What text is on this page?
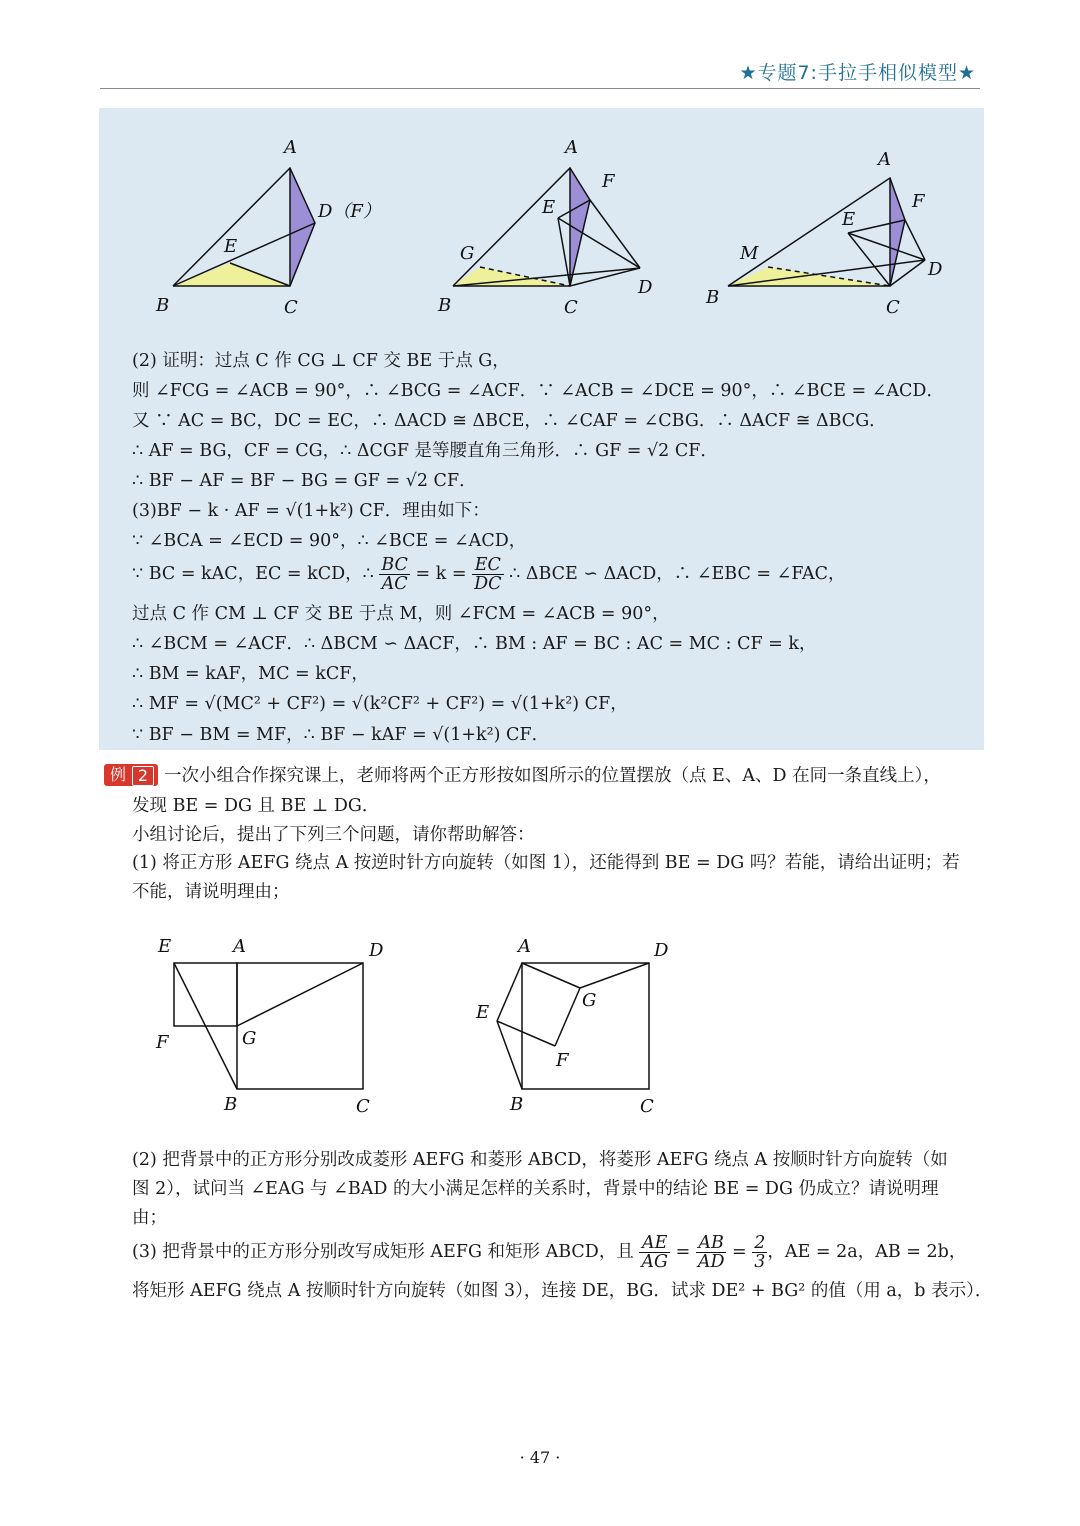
★专题7:手拉手相似模型★
A
D（F）
E
B	C
A
F
E
G
B	C
D
A
F
E
M
D
B	C
(2) 证明：过点 C 作 CG ⊥ CF 交 BE 于点 G，
则 ∠FCG = ∠ACB = 90°，∴ ∠BCG = ∠ACF．∵ ∠ACB = ∠DCE = 90°，∴ ∠BCE = ∠ACD．
又 ∵ AC = BC，DC = EC，∴ ΔACD ≅ ΔBCE，∴ ∠CAF = ∠CBG．∴ ΔACF ≅ ΔBCG．
∴ AF = BG，CF = CG，∴ ΔCGF 是等腰直角三角形．∴ GF = √2 CF．
∴ BF − AF = BF − BG = GF = √2 CF．
(3)BF − k · AF = √(1+k²) CF．理由如下：
∵ ∠BCA = ∠ECD = 90°，∴ ∠BCE = ∠ACD，
∵ BC = kAC，EC = kCD，∴ $\frac{BC}{AC} = k = \frac{EC}{DC}$ ∴ ΔBCE ∽ ΔACD，∴ ∠EBC = ∠FAC，
过点 C 作 CM ⊥ CF 交 BE 于点 M，则 ∠FCM = ∠ACB = 90°，
∴ ∠BCM = ∠ACF．∴ ΔBCM ∽ ΔACF，∴ BM : AF = BC : AC = MC : CF = k，
∴ BM = kAF，MC = kCF，
∴ MF = √(MC² + CF²) = √(k²CF² + CF²) = √(1+k²) CF，
∵ BF − BM = MF，∴ BF − kAF = √(1+k²) CF．
例 2 一次小组合作探究课上，老师将两个正方形按如图所示的位置摆放（点 E、A、D 在同一条直线上），
发现 BE = DG 且 BE ⊥ DG．
小组讨论后，提出了下列三个问题，请你帮助解答：
(1) 将正方形 AEFG 绕点 A 按逆时针方向旋转（如图 1），还能得到 BE = DG 吗？若能，请给出证明；若
不能，请说明理由；
E	A	D
F	G
B	C
A	D
G
E
F
B	C
(2) 把背景中的正方形分别改成菱形 AEFG 和菱形 ABCD，将菱形 AEFG 绕点 A 按顺时针方向旋转（如
图 2），试问当 ∠EAG 与 ∠BAD 的大小满足怎样的关系时，背景中的结论 BE = DG 仍成立？请说明理
由；
(3) 把背景中的正方形分别改写成矩形 AEFG 和矩形 ABCD，且 $\frac{AE}{AG} = \frac{AB}{AD} = \frac{2}{3}$ ，AE = 2a，AB = 2b，
将矩形 AEFG 绕点 A 按顺时针方向旋转（如图 3），连接 DE，BG．试求 DE² + BG² 的值（用 a，b 表示）．
· 47 ·
